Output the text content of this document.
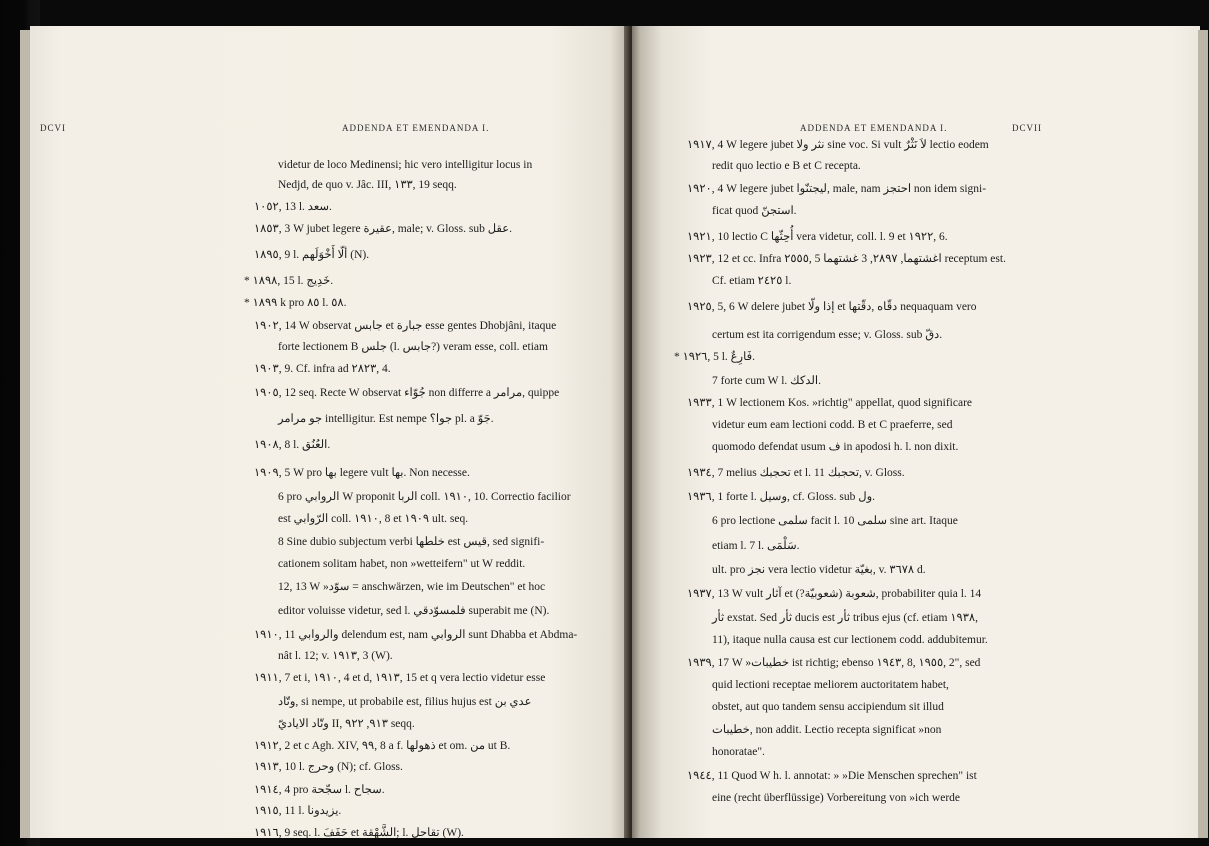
DCVI	ADDENDA ET EMENDANDA I.
videtur de loco Medinensi; hic vero intelligitur locus in
Nedjd, de quo v. Jâc. III, ١٣٣, 19 seqq.
١٠٥٢, 13 l. سعد.
١٨٥٣, 3 W jubet legere عقيرة, male; v. Gloss. sub عقل.
١٨٩٥, 9 l. ألّا أَخْوَلَهم (N).
* ١٨٩٨, 15 l. خَدِيج.
* ١٨٩٩ k pro ٨٥ l. ٥٨.
١٩٠٢, 14 W observat جابس et جبارة esse gentes Dhobjâni, itaque
forte lectionem B جلس (l. جابس?) veram esse, coll. etiam
١٩٠٣, 9. Cf. infra ad ٢٨٢٣, 4.
١٩٠٥, 12 seq. Recte W observat جُوّاء non differre a مرامر, quippe
جو مرامر intelligitur. Est nempe جوا؟ pl. a جَوّ.
١٩٠٨, 8 l. العُنُق.
١٩٠٩, 5 W pro بها legere vult بها. Non necesse.
6 pro الروابي W proponit الربا coll. ١٩١٠, 10. Correctio facilior
est الرّوابي coll. ١٩١٠, 8 et ١٩٠٩ ult. seq.
8 Sine dubio subjectum verbi خلطها est قيس, sed signifi-
cationem solitam habet, non »wetteifern" ut W reddit.
12, 13 W »سوّد = anschwärzen, wie im Deutschen" et hoc
editor voluisse videtur, sed l. فلمسوّدقي superabit me (N).
١٩١٠, 11 والروابي delendum est, nam الروابي sunt Dhabba et Abdma-
nât l. 12; v. ١٩١٣, 3 (W).
١٩١١, 7 et i, ١٩١٠, 4 et d, ١٩١٣, 15 et q vera lectio videtur esse
وتّاد, si nempe, ut probabile est, filius hujus est عدي بن
وتّاد الاياديّ II, ٩١٣, ٩٢٢ seqq.
١٩١٢, 2 et c Agh. XIV, ٩٩, 8 a f. ذهولها et om. من ut B.
١٩١٣, 10 l. وحرج (N); cf. Gloss.
١٩١٤, 4 pro سجّحة l. سجاح.
١٩١٥, 11 l. يزيدونا.
١٩١٦, 9 seq. l. حَفَفَ et الشَّهْقة; l. تقاحل (W).
ADDENDA ET EMENDANDA I.	DCVII
١٩١٧, 4 W legere jubet نثر ولا sine voc. Si vult لاَ نَثْرٌ lectio eodem
redit quo lectio e B et C recepta.
١٩٢٠, 4 W legere jubet ليجتنّوا, male, nam احتجز non idem signi-
ficat quod استجنّ.
١٩٢١, 10 lectio C أُحِثّها vera videtur, coll. l. 9 et ١٩٢٢, 6.
١٩٢٣, 12 et cc. Infra ٢٥٥٥, 5 اغشتهما, ٢٨٩٧, 3 غشتهما receptum est.
Cf. etiam ٢٤٢٥ l.
١٩٢٥, 5, 6 W delere jubet إذا ولّا et دقّاه ,دقّتها nequaquam vero
certum est ita corrigendum esse; v. Gloss. sub دقّ.
* ١٩٢٦, 5 l. فَارِعٌ.
7 forte cum W l. الدكك.
١٩٣٣, 1 W lectionem Kos. »richtig" appellat, quod significare
videtur eum eam lectioni codd. B et C praeferre, sed
quomodo defendat usum ف in apodosi h. l. non dixit.
١٩٣٤, 7 melius تحجبك et l. 11 تحجبك, v. Gloss.
١٩٣٦, 1 forte l. وسيل, cf. Gloss. sub ول.
6 pro lectione سلمى facit l. 10 سلمى sine art. Itaque
etiam l. 7 l. سَلْمَى.
ult. pro نجز vera lectio videtur بغيّة, v. ٣٦٧٨ d.
١٩٣٧, 13 W vult آثار et شعوبة (شعوبيّة?), probabiliter quia l. 14
ثأر exstat. Sed ثأر ducis est ثأر tribus ejus (cf. etiam ١٩٣٨,
11), itaque nulla causa est cur lectionem codd. addubitemur.
١٩٣٩, 17 W »خطيبات ist richtig; ebenso ١٩٤٣, 8, ١٩٥٥, 2", sed
quid lectioni receptae meliorem auctoritatem habet,
obstet, aut quo tandem sensu accipiendum sit illud
خطيبات, non addit. Lectio recepta significat »non
honoratae".
١٩٤٤, 11 Quod W h. l. annotat: » »Die Menschen sprechen" ist
eine (recht überflüssige) Vorbereitung von »ich werde
